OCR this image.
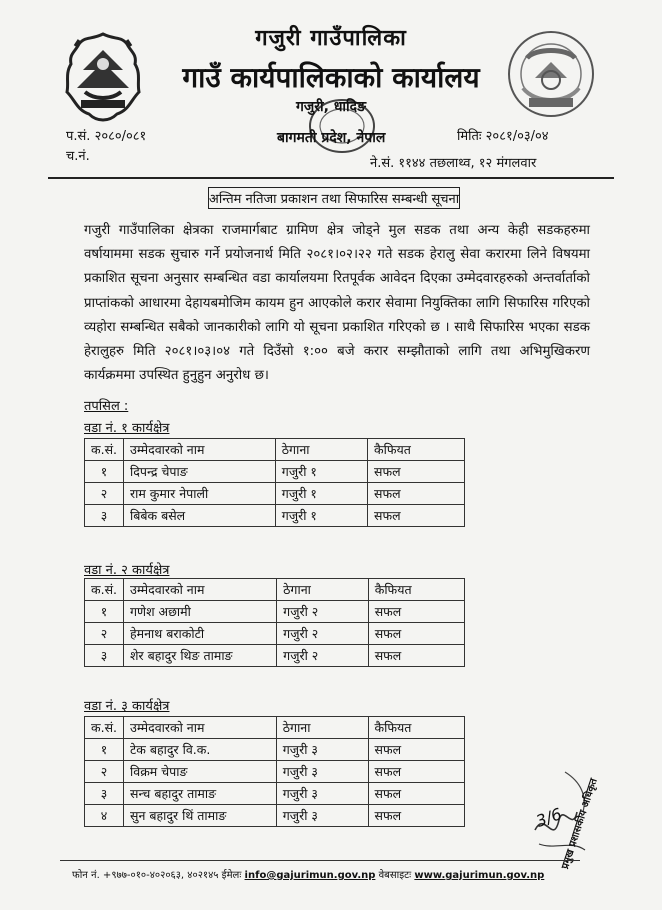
गजुरी गाउँपालिका
गाउँ कार्यपालिकाको कार्यालय
गजुरी, धादिङ
बागमती प्रदेश, नेपाल
प.सं. २०८०/०८१
च.नं.
मितिः २०८१/०३/०४
ने.सं. ११४४ तछलाथ्व, १२ मंगलवार
अन्तिम नतिजा प्रकाशन तथा सिफारिस सम्बन्धी सूचना
गजुरी गाउँपालिका क्षेत्रका राजमार्गबाट ग्रामिण क्षेत्र जोड्ने मुल सडक तथा अन्य केही सडकहरुमा वर्षायाममा सडक सुचारु गर्ने प्रयोजनार्थ मिति २०८१।०२।२२ गते सडक हेरालु सेवा करारमा लिने विषयमा प्रकाशित सूचना अनुसार सम्बन्धित वडा कार्यालयमा रितपूर्वक आवेदन दिएका उम्मेदवारहरुको अन्तर्वार्ताको प्राप्तांकको आधारमा देहायबमोजिम कायम हुन आएकोले करार सेवामा नियुक्तिका लागि सिफारिस गरिएको व्यहोरा सम्बन्धित सबैको जानकारीको लागि यो सूचना प्रकाशित गरिएको छ । साथै सिफारिस भएका सडक हेरालुहरु मिति २०८१।०३।०४ गते दिउँसो १:०० बजे करार सम्झौताको लागि तथा अभिमुखिकरण कार्यक्रममा उपस्थित हुनुहुन अनुरोध छ।
तपसिल :
वडा नं. १ कार्यक्षेत्र
क.सं.	उम्मेदवारको नाम	ठेगाना	कैफियत
१	दिपन्द्र चेपाङ	गजुरी १	सफल
२	राम कुमार नेपाली	गजुरी १	सफल
३	बिबेक बसेल	गजुरी १	सफल
वडा नं. २ कार्यक्षेत्र
क.सं.	उम्मेदवारको नाम	ठेगाना	कैफियत
१	गणेश अछामी	गजुरी २	सफल
२	हेमनाथ बराकोटी	गजुरी २	सफल
३	शेर बहादुर थिङ तामाङ	गजुरी २	सफल
वडा नं. ३ कार्यक्षेत्र
क.सं.	उम्मेदवारको नाम	ठेगाना	कैफियत
१	टेक बहादुर वि.क.	गजुरी ३	सफल
२	विक्रम चेपाङ	गजुरी ३	सफल
३	सन्च बहादुर तामाङ	गजुरी ३	सफल
४	सुन बहादुर थिं तामाङ	गजुरी ३	सफल	3/6
प्रमुख प्रशासकीय अधिकृत
फोन नं. +९७७-०१०-४०२०६३, ४०२१४५ ईमेलः info@gajurimun.gov.np वेबसाइटः www.gajurimun.gov.np
